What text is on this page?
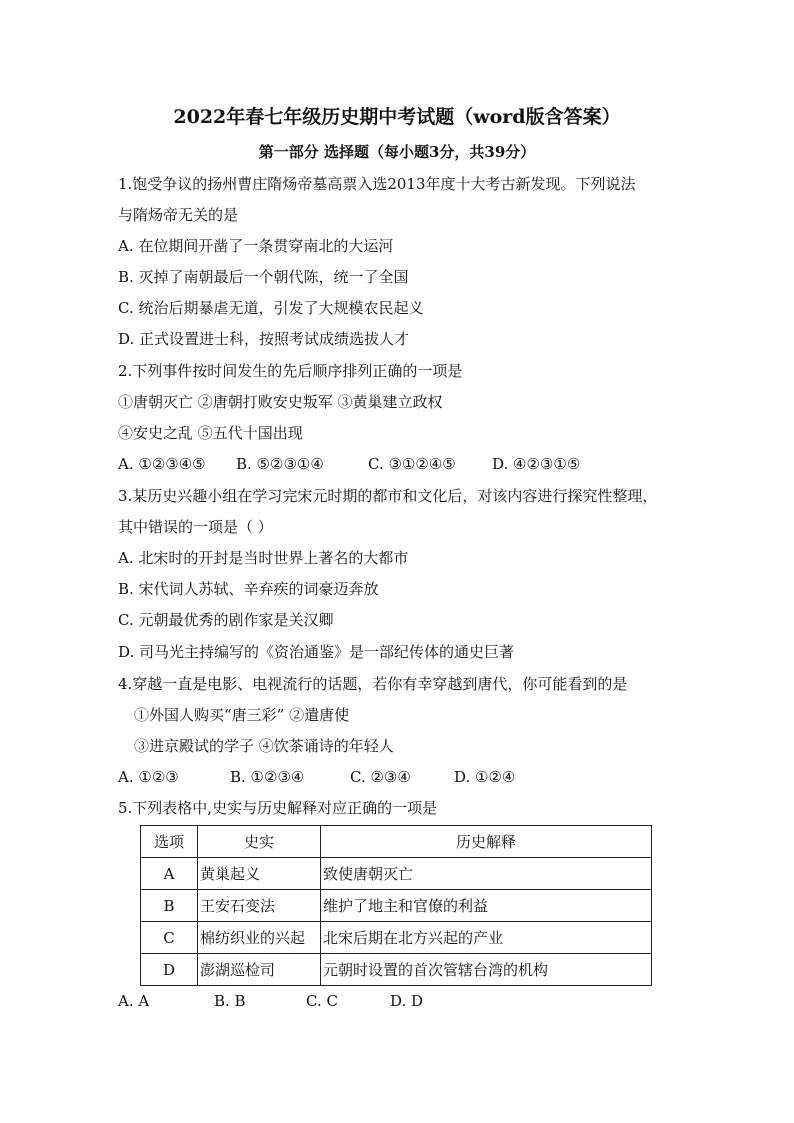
2022年春七年级历史期中考试题（word版含答案）
第一部分 选择题（每小题3分，共39分）
1.饱受争议的扬州曹庄隋炀帝墓高票入选2013年度十大考古新发现。下列说法
与隋炀帝无关的是
A. 在位期间开凿了一条贯穿南北的大运河
B. 灭掉了南朝最后一个朝代陈，统一了全国
C. 统治后期暴虐无道，引发了大规模农民起义
D. 正式设置进士科，按照考试成绩选拔人才
2.下列事件按时间发生的先后顺序排列正确的一项是
①唐朝灭亡 ②唐朝打败安史叛军 ③黄巢建立政权
④安史之乱 ⑤五代十国出现
A. ①②③④⑤ B. ⑤②③①④	C. ③①②④⑤ D. ④②③①⑤
3.某历史兴趣小组在学习完宋元时期的都市和文化后，对该内容进行探究性整理，
其中错误的一项是（ ）
A. 北宋时的开封是当时世界上著名的大都市
B. 宋代词人苏轼、辛弃疾的词豪迈奔放
C. 元朝最优秀的剧作家是关汉卿
D. 司马光主持编写的《资治通鉴》是一部纪传体的通史巨著
4.穿越一直是电影、电视流行的话题，若你有幸穿越到唐代，你可能看到的是
①外国人购买“唐三彩” ②遣唐使
③进京殿试的学子 ④饮茶诵诗的年轻人
A. ①②③	B. ①②③④	C. ②③④	D. ①②④
5.下列表格中,史实与历史解释对应正确的一项是
选项	史实	历史解释
A	黄巢起义	致使唐朝灭亡
B	王安石变法	维护了地主和官僚的利益
C	棉纺织业的兴起	北宋后期在北方兴起的产业
D	澎湖巡检司	元朝时设置的首次管辖台湾的机构
A. A	B. B	C. C	D. D
